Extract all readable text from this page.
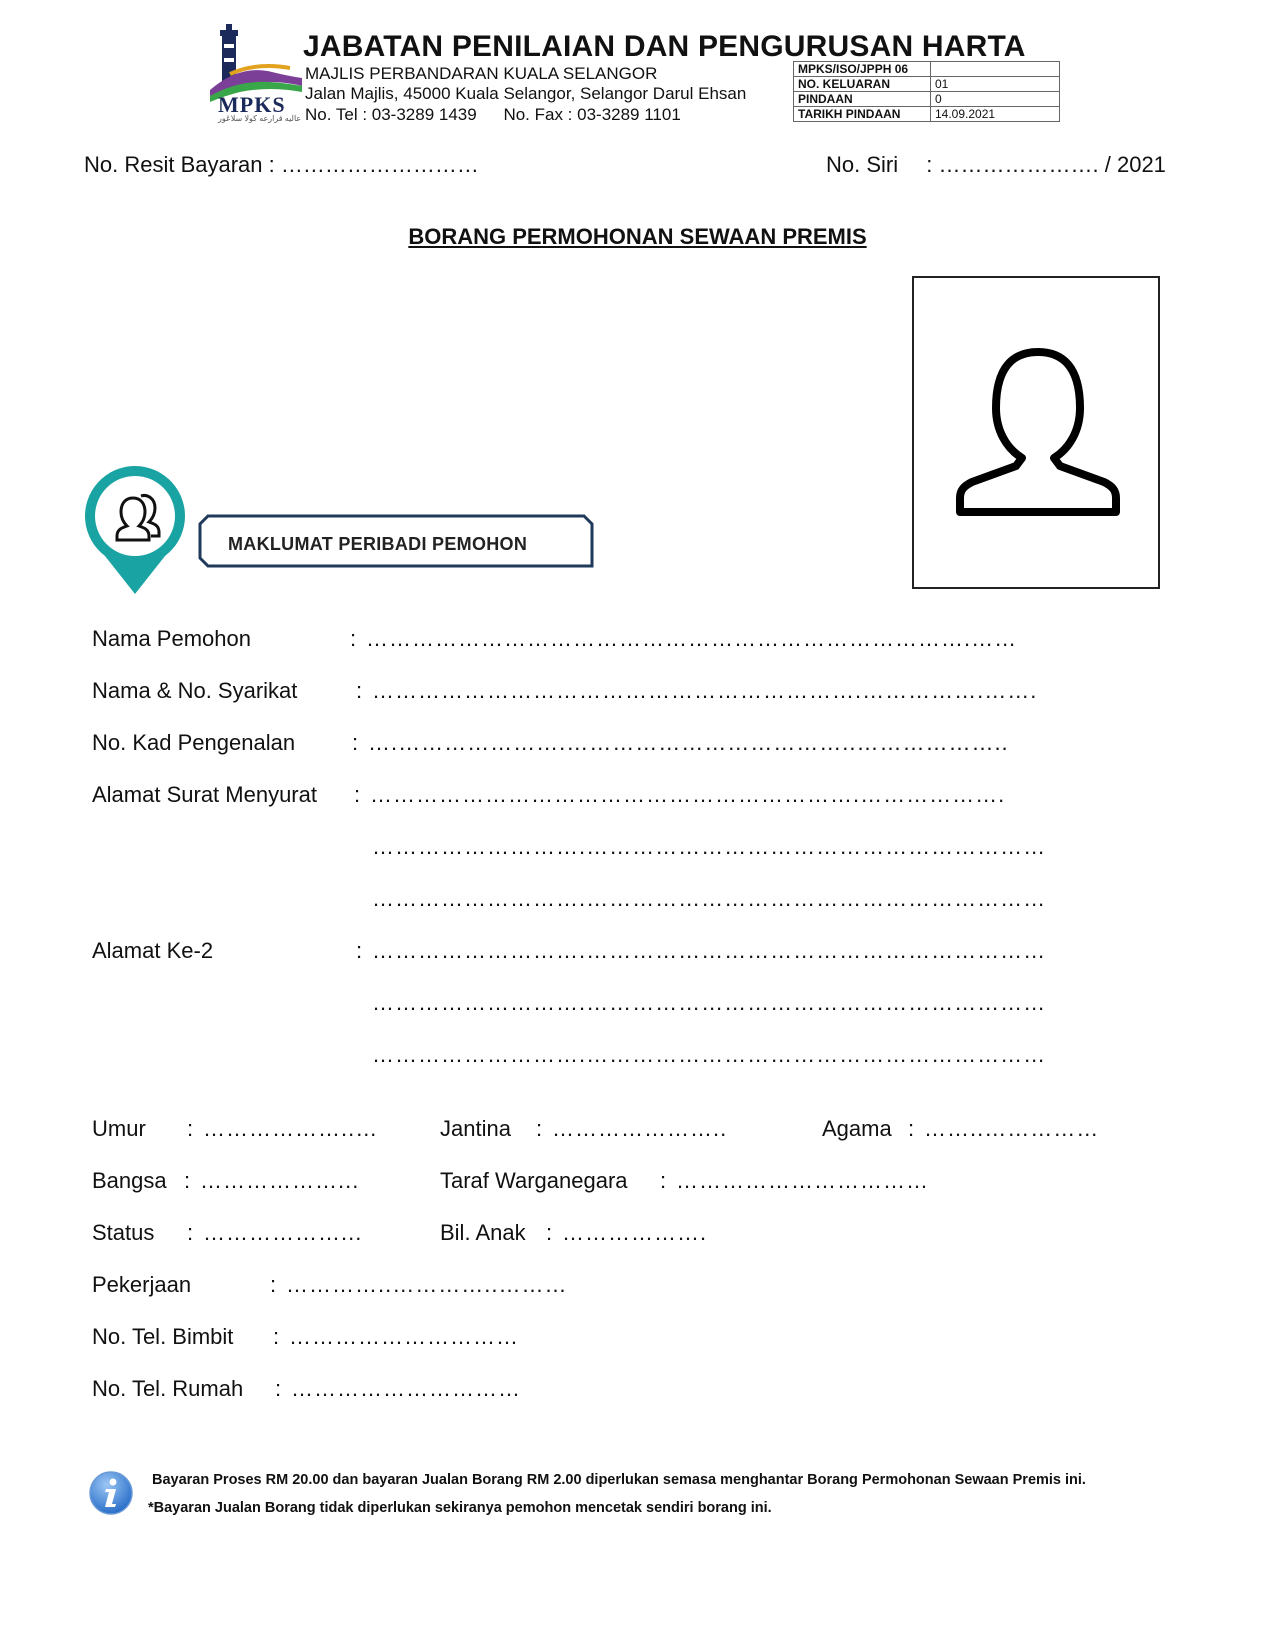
MPKS
عاليه قرارعه كولا سلاڠور
JABATAN PENILAIAN DAN PENGURUSAN HARTA
MAJLIS PERBANDARAN KUALA SELANGOR
Jalan Majlis, 45000 Kuala Selangor, Selangor Darul Ehsan
No. Tel : 03-3289 1439 No. Fax : 03-3289 1101
MPKS/ISO/JPPH 06	
NO. KELUARAN	01
PINDAAN	0
TARIKH PINDAAN	14.09.2021
No. Resit Bayaran : ………………………	No. Siri : …………………. / 2021
BORANG PERMOHONAN SEWAAN PREMIS
MAKLUMAT PERIBADI PEMOHON
Nama Pemohon	: …………………………………………………………………….……
Nama & No. Syarikat	: ……………………………………………………….…………….…….
No. Kad Pengenalan	: ….………………….………………………………..………………..
Alamat Surat Menyurat : ……………………………………………………….……………….
……………………….……………………………………………………
……………………….……………………………………………………
Alamat Ke-2	: ……………………….……………………………………………………
……………………….……………………………………………………
……………………….……………………………………………………
Umur : ………………..…	Jantina : …………………..	Agama : ……..……………
Bangsa : ………………...	Taraf Warganegara : ……………………………
Status : ………………...	Bil. Anak : ……………….
Pekerjaan	: …………..…………..………
No. Tel. Bimbit : …………………………
No. Tel. Rumah : …………………………
Bayaran Proses RM 20.00 dan bayaran Jualan Borang RM 2.00 diperlukan semasa menghantar Borang Permohonan Sewaan Premis ini.
*Bayaran Jualan Borang tidak diperlukan sekiranya pemohon mencetak sendiri borang ini.
